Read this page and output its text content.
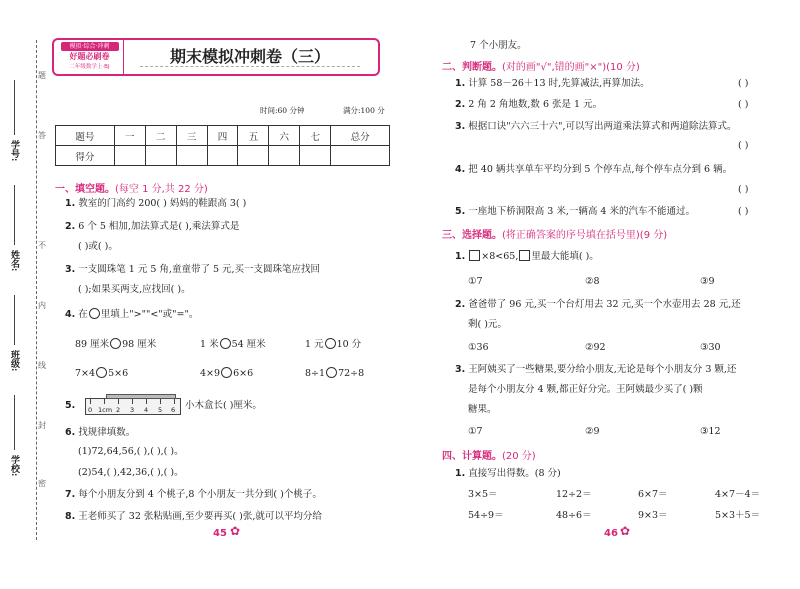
学校:
班级:
姓名:
学号:
题
答
不
内
线
封
密
模拟·综合·冲刺
好题必刷卷
二年级数学上·BJ
期末模拟冲刺卷（三）
时间:60 分钟	满分:100 分
题号	一	二	三	四	五	六	七	总分
得分								
一、填空题。(每空 1 分,共 22 分)
1. 教室的门高约 200( ) 妈妈的鞋跟高 3( )
2. 6 个 5 相加,加法算式是( ),乘法算式是
( )或( )。
3. 一支圆珠笔 1 元 5 角,童童带了 5 元,买一支圆珠笔应找回
( );如果买两支,应找回( )。
4. 在 里填上">""<"或"="。
89 厘米 98 厘米	1 米 54 厘米	1 元 10 分
7×4 5×6	4×9 6×6	8÷1 72÷8
5. 0 1cm 2 3 4 5 6 小木盒长( )厘米。
6. 找规律填数。
(1)72,64,56,( ),( ),( )。
(2)54,( ),42,36,( ),( )。
7. 每个小朋友分到 4 个桃子,8 个小朋友一共分到( )个桃子。
8. 王老师买了 32 张粘贴画,至少要再买( )张,就可以平均分给
45 ✿
7 个小朋友。
二、判断题。(对的画"√",错的画"×")(10 分)
1. 计算 58－26＋13 时,先算减法,再算加法。	( )
2. 2 角 2 角地数,数 6 张是 1 元。	( )
3. 根据口诀"六六三十六",可以写出两道乘法算式和两道除法算式。
( )
4. 把 40 辆共享单车平均分到 5 个停车点,每个停车点分到 6 辆。
( )
5. 一座地下桥洞限高 3 米,一辆高 4 米的汽车不能通过。	( )
三、选择题。(将正确答案的序号填在括号里)(9 分)
1. ×8<65, 里最大能填( )。
①7	②8	③9
2. 爸爸带了 96 元,买一个台灯用去 32 元,买一个水壶用去 28 元,还
剩( )元。
①36	②92	③30
3. 王阿姨买了一些糖果,要分给小朋友,无论是每个小朋友分 3 颗,还
是每个小朋友分 4 颗,都正好分完。王阿姨最少买了( )颗
糖果。
①7	②9	③12
四、计算题。(20 分)
1. 直接写出得数。(8 分)
3×5＝	12÷2＝	6×7＝	4×7－4＝
54÷9＝	48÷6＝	9×3＝	5×3＋5＝
46 ✿
